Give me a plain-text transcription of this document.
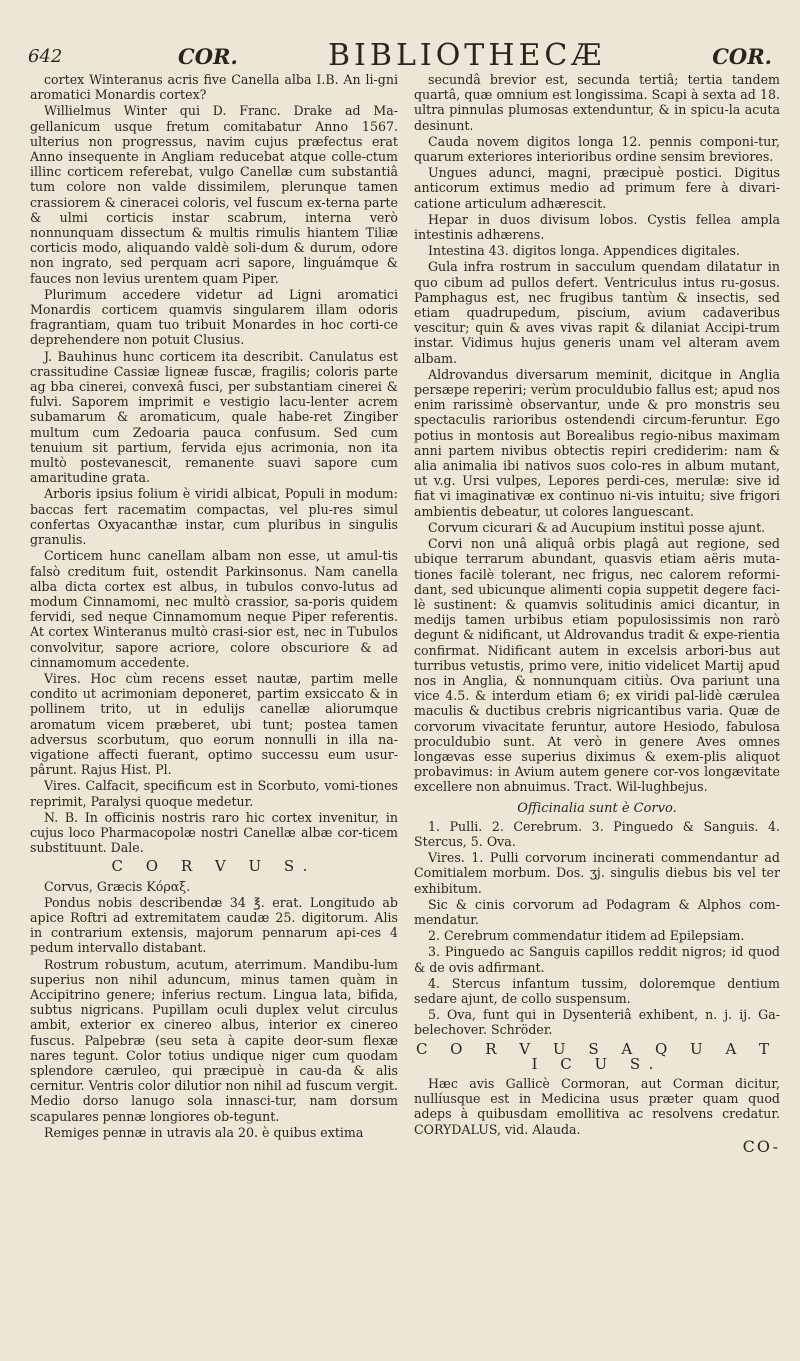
642	COR.	BIBLIOTHECÆ	COR.

cortex Winteranus acris five Canella alba I.B. An li-gni aromatici Monardis cortex?

Willielmus Winter qui D. Franc. Drake ad Ma-gellanicum usque fretum comitabatur Anno 1567. ulterius non progressus, navim cujus præfectus erat Anno insequente in Angliam reducebat atque colle-ctum illinc corticem referebat, vulgo Canellæ cum substantiâ tum colore non valde dissimilem, plerunque tamen crassiorem & cineracei coloris, vel fuscum ex-terna parte & ulmi corticis instar scabrum, interna verò nonnunquam dissectum & multis rimulis hiantem Tiliæ corticis modo, aliquando valdè soli-dum & durum, odore non ingrato, sed perquam acri sapore, linguámque & fauces non levius urentem quam Piper.

Plurimum accedere videtur ad Ligni aromatici Monardis corticem quamvis singularem illam odoris fragrantiam, quam tuo tribuit Monardes in hoc corti-ce deprehendere non potuit Clusius.

J. Bauhinus hunc corticem ita describit. Canulatus est crassitudine Cassiæ ligneæ fuscæ, fragilis; coloris parte ag bba cinerei, convexâ fusci, per substantiam cinerei & fulvi. Saporem imprimit e vestigio lacu-lenter acrem subamarum & aromaticum, quale habe-ret Zingiber multum cum Zedoaria pauca confusum. Sed cum tenuium sit partium, fervida ejus acrimonia, non ita multò postevanescit, remanente suavi sapore cum amaritudine grata.

Arboris ipsius folium è viridi albicat, Populi in modum: baccas fert racematim compactas, vel plu-res simul confertas Oxyacanthæ instar, cum pluribus in singulis granulis.

Corticem hunc canellam albam non esse, ut amul-tis falsò creditum fuit, ostendit Parkinsonus. Nam canella alba dicta cortex est albus, in tubulos convo-lutus ad modum Cinnamomi, nec multò crassior, sa-poris quidem fervidi, sed neque Cinnamomum neque Piper referentis. At cortex Winteranus multò crasi-sior est, nec in Tubulos convolvitur, sapore acriore, colore obscuriore & ad cinnamomum accedente.

Vires. Hoc cùm recens esset nautæ, partim melle condito ut acrimoniam deponeret, partim exsiccato & in pollinem trito, ut in edulijs canellæ aliorumque aromatum vicem præberet, ubi tunt; postea tamen adversus scorbutum, quo eorum nonnulli in illa na-vigatione affecti fuerant, optimo successu eum usur-pârunt. Rajus Hist. Pl.

Vires. Calfacit, specificum est in Scorbuto, vomi-tiones reprimit, Paralysi quoque medetur.

N. B. In officinis nostris raro hic cortex invenitur, in cujus loco Pharmacopolæ nostri Canellæ albæ cor-ticem substituunt. Dale.

C O R V U S.

Corvus, Græcis Κόραξ.

Pondus nobis describendæ 34 ℥. erat. Longitudo ab apice Roftri ad extremitatem caudæ 25. digitorum. Alis in contrarium extensis, majorum pennarum api-ces 4 pedum intervallo distabant.

Rostrum robustum, acutum, aterrimum. Mandibu-lum superius non nihil aduncum, minus tamen quàm in Accipitrino genere; inferius rectum. Lingua lata, bifida, subtus nigricans. Pupillam oculi duplex velut circulus ambit, exterior ex cinereo albus, interior ex cinereo fuscus. Palpebræ (seu seta à capite deor-sum flexæ nares tegunt. Color totius undique niger cum quodam splendore cæruleo, qui præcipuè in cau-da & alis cernitur. Ventris color dilutior non nihil ad fuscum vergit. Medio dorso lanugo sola innasci-tur, nam dorsum scapulares pennæ longiores ob-tegunt.

Remiges pennæ in utravis ala 20. è quibus extima

secundâ brevior est, secunda tertiâ; tertia tandem quartâ, quæ omnium est longissima. Scapi à sexta ad 18. ultra pinnulas plumosas extenduntur, & in spicu-la acuta desinunt.

Cauda novem digitos longa 12. pennis componi-tur, quarum exteriores interioribus ordine sensim breviores.

Ungues adunci, magni, præcipuè postici. Digitus anticorum extimus medio ad primum fere à divari-catione articulum adhærescit.

Hepar in duos divisum lobos. Cystis fellea ampla intestinis adhærens.

Intestina 43. digitos longa. Appendices digitales.

Gula infra rostrum in sacculum quendam dilatatur in quo cibum ad pullos defert. Ventriculus intus ru-gosus. Pamphagus est, nec frugibus tantùm & insectis, sed etiam quadrupedum, piscium, avium cadaveribus vescitur; quin & aves vivas rapit & dilaniat Accipi-trum instar. Vidimus hujus generis unam vel alteram avem albam.

Aldrovandus diversarum meminit, dicitque in Anglia persæpe reperiri; verùm proculdubio fallus est; apud nos enim rarissimè observantur, unde & pro monstris seu spectaculis rarioribus ostendendi circum-feruntur. Ego potius in montosis aut Borealibus regio-nibus maximam anni partem nivibus obtectis repiri crediderim: nam & alia animalia ibi nativos suos colo-res in album mutant, ut v.g. Ursi vulpes, Lepores perdi-ces, merulæ: sive id fiat vi imaginativæ ex continuo ni-vis intuitu; sive frigori ambientis debeatur, ut colores languescant.

Corvum cicurari & ad Aucupium instituì posse ajunt.

Corvi non unâ aliquâ orbis plagâ aut regione, sed ubique terrarum abundant, quasvis etiam aëris muta-tiones facilè tolerant, nec frigus, nec calorem reformi-dant, sed ubicunque alimenti copia suppetit degere faci-lè sustinent: & quamvis solitudinis amici dicantur, in medijs tamen urbibus etiam populosissimis non rarò degunt & nidificant, ut Aldrovandus tradit & expe-rientia confirmat. Nidificant autem in excelsis arbori-bus aut turribus vetustis, primo vere, initio videlicet Martij apud nos in Anglia, & nonnunquam citiùs. Ova pariunt una vice 4.5. & interdum etiam 6; ex viridi pal-lidè cærulea maculis & ductibus crebris nigricantibus varia. Quæ de corvorum vivacitate feruntur, autore Hesiodo, fabulosa proculdubio sunt. At verò in genere Aves omnes longævas esse superius diximus & exem-plis aliquot probavimus: in Avium autem genere cor-vos longævitate excellere non abnuimus. Tract. Wil-lughbejus.

Officinalia sunt è Corvo.

1. Pulli. 2. Cerebrum. 3. Pinguedo & Sanguis. 4. Stercus, 5. Ova.

Vires. 1. Pulli corvorum incinerati commendantur ad Comitialem morbum. Dos. ʒj. singulis diebus bis vel ter exhibitum.

Sic & cinis corvorum ad Podagram & Alphos com-mendatur.

2. Cerebrum commendatur itidem ad Epilepsiam.

3. Pinguedo ac Sanguis capillos reddit nigros; id quod & de ovis adfirmant.

4. Stercus infantum tussim, doloremque dentium sedare ajunt, de collo suspensum.

5. Ova, funt qui in Dysenteriâ exhibent, n. j. ij. Ga-belechover. Schröder.

C O R V U S A Q U A T I C U S.

Hæc avis Gallicè Cormoran, aut Corman dicitur, nullíusque est in Medicina usus præter quam quod adeps à quibusdam emollitiva ac resolvens credatur. CORYDALUS, vid. Alauda.

CO-
